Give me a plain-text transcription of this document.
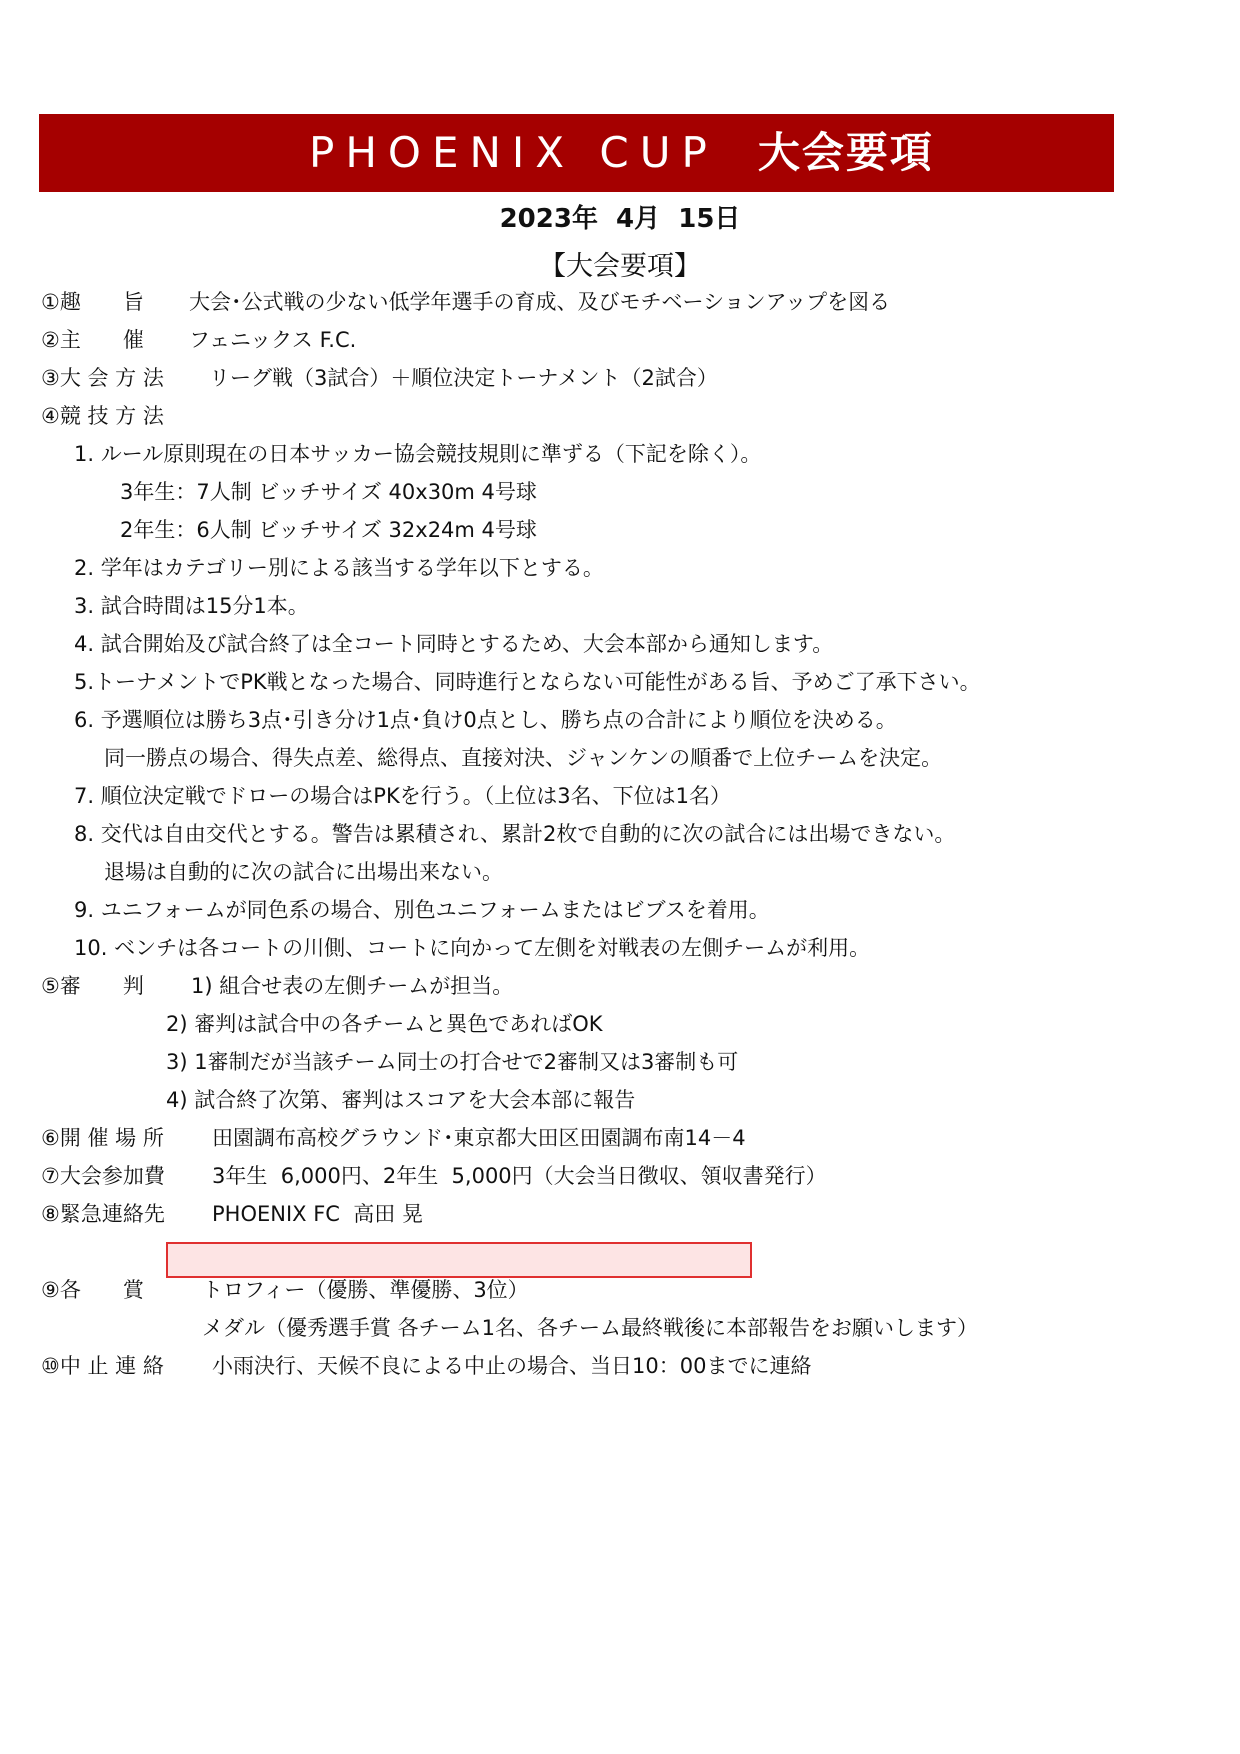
PHOENIX CUP 大会要項
2023年  4月  15日
【大会要項】
①趣　　旨 大会･公式戦の少ない低学年選手の育成、及びモチベーションアップを図る
②主　　催 フェニックス F.C.
③大 会 方 法 リーグ戦（3試合）＋順位決定トーナメント（2試合）
④競 技 方 法
1. ルール原則現在の日本サッカー協会競技規則に準ずる（下記を除く）。
3年生：7人制 ビッチサイズ 40x30m 4号球
2年生：6人制 ビッチサイズ 32x24m 4号球
2. 学年はカテゴリー別による該当する学年以下とする。
3. 試合時間は15分1本。
4. 試合開始及び試合終了は全コート同時とするため、大会本部から通知します。
5.トーナメントでPK戦となった場合、同時進行とならない可能性がある旨、予めご了承下さい。
6. 予選順位は勝ち3点･引き分け1点･負け0点とし、勝ち点の合計により順位を決める。
同一勝点の場合、得失点差、総得点、直接対決、ジャンケンの順番で上位チームを決定。
7. 順位決定戦でドローの場合はPKを行う。（上位は3名、下位は1名）
8. 交代は自由交代とする。警告は累積され、累計2枚で自動的に次の試合には出場できない。
退場は自動的に次の試合に出場出来ない。
9. ユニフォームが同色系の場合、別色ユニフォームまたはビブスを着用。
10. ベンチは各コートの川側、コートに向かって左側を対戦表の左側チームが利用。
⑤審　　判 1) 組合せ表の左側チームが担当。
2) 審判は試合中の各チームと異色であればOK
3) 1審制だが当該チーム同士の打合せで2審制又は3審制も可
4) 試合終了次第、審判はスコアを大会本部に報告
⑥開 催 場 所 田園調布高校グラウンド･東京都大田区田園調布南14－4
⑦大会参加費 3年生  6,000円、2年生  5,000円（大会当日徴収、領収書発行）
⑧緊急連絡先 PHOENIX FC  高田 晃
⑨各　　賞	トロフィー（優勝、準優勝、3位）
メダル（優秀選手賞 各チーム1名、各チーム最終戦後に本部報告をお願いします）
⑩中 止 連 絡 小雨決行、天候不良による中止の場合、当日10：00までに連絡
